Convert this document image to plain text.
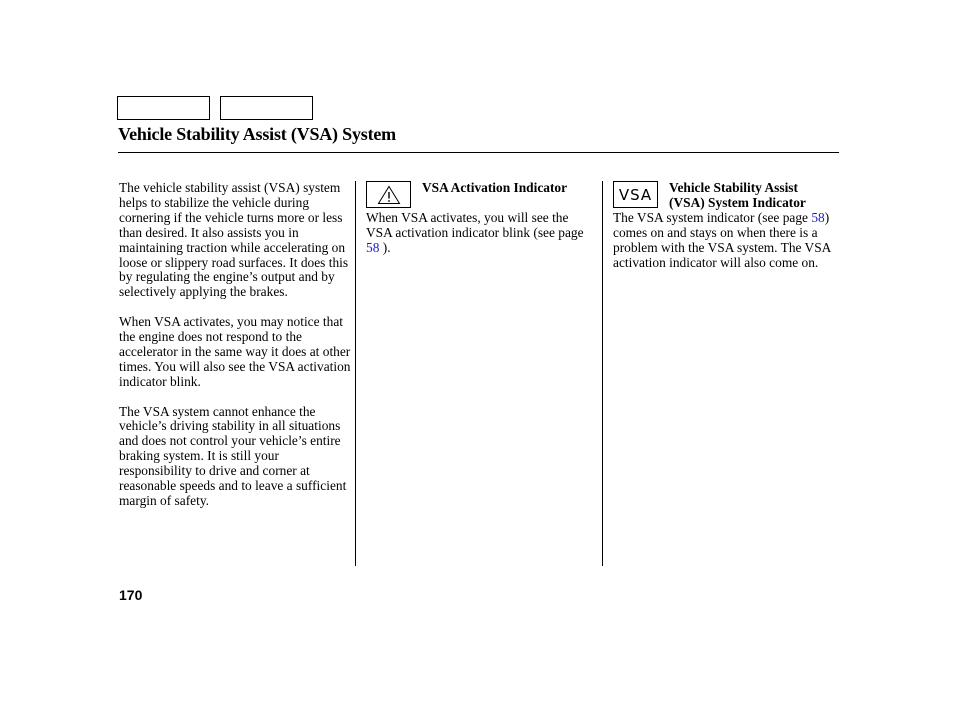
Vehicle Stability Assist (VSA) System

The vehicle stability assist (VSA) system helps to stabilize the vehicle during cornering if the vehicle turns more or less than desired. It also assists you in maintaining traction while accelerating on loose or slippery road surfaces. It does this by regulating the engine’s output and by selectively applying the brakes.

When VSA activates, you may notice that the engine does not respond to the accelerator in the same way it does at other times. You will also see the VSA activation indicator blink.

The VSA system cannot enhance the vehicle’s driving stability in all situations and does not control your vehicle’s entire braking system. It is still your responsibility to drive and corner at reasonable speeds and to leave a sufficient margin of safety.

VSA Activation Indicator
When VSA activates, you will see the VSA activation indicator blink (see page 58 ).
VSA	Vehicle Stability Assist
(VSA) System Indicator
The VSA system indicator (see page 58) comes on and stays on when there is a problem with the VSA system. The VSA activation indicator will also come on.
170
